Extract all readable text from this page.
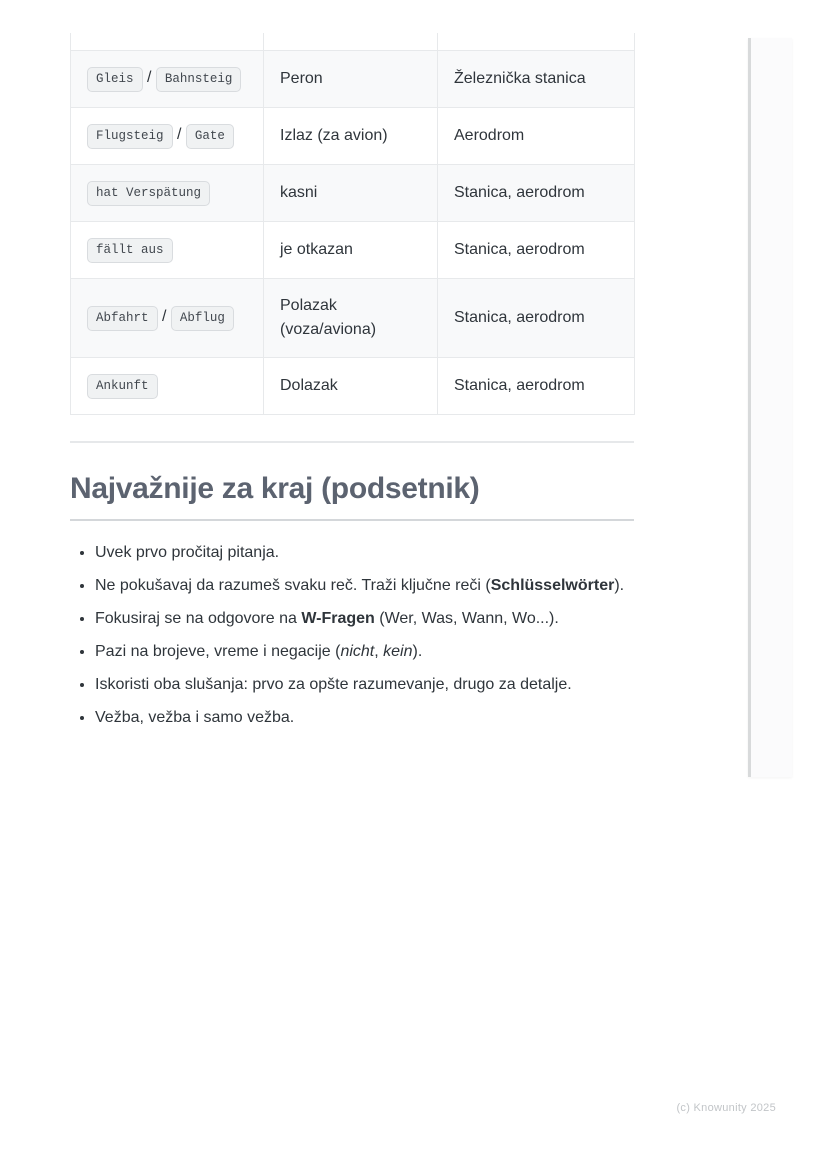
Gleis / Bahnsteig	Peron	Železnička stanica
Flugsteig / Gate	Izlaz (za avion)	Aerodrom
hat Verspätung	kasni	Stanica, aerodrom
fällt aus	je otkazan	Stanica, aerodrom
Abfahrt / Abflug	Polazak (voza/aviona)	Stanica, aerodrom
Ankunft	Dolazak	Stanica, aerodrom
Najvažnije za kraj (podsetnik)
• Uvek prvo pročitaj pitanja.
• Ne pokušavaj da razumeš svaku reč. Traži ključne reči (Schlüsselwörter).
• Fokusiraj se na odgovore na W-Fragen (Wer, Was, Wann, Wo...).
• Pazi na brojeve, vreme i negacije (nicht, kein).
• Iskoristi oba slušanja: prvo za opšte razumevanje, drugo za detalje.
• Vežba, vežba i samo vežba.
(c) Knowunity 2025
